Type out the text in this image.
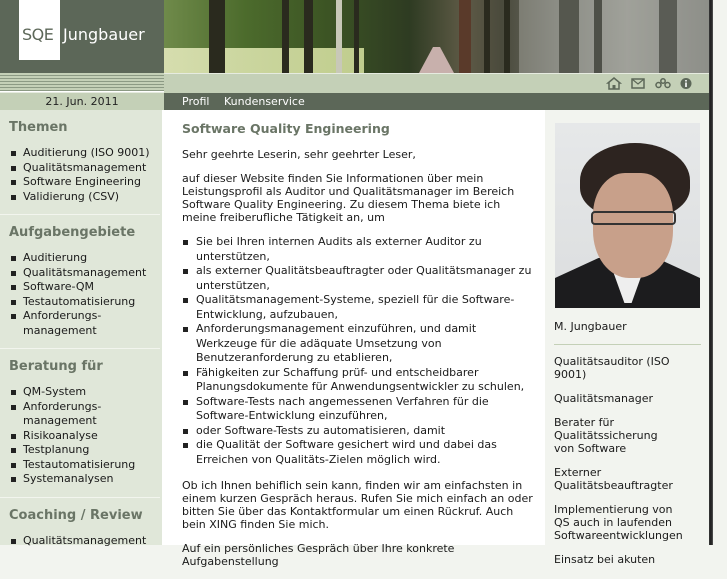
SQE Jungbauer
21. Jun. 2011	Profil Kundenservice
Themen
Auditierung (ISO 9001)
Qualitätsmanagement
Software Engineering
Validierung (CSV)
Aufgabengebiete
Auditierung
Qualitätsmanagement
Software-QM
Testautomatisierung
Anforderungs-management
Beratung für
QM-System
Anforderungs-management
Risikoanalyse
Testplanung
Testautomatisierung
Systemanalysen
Coaching / Review
Qualitätsmanagement
Software Quality Engineering

Sehr geehrte Leserin, sehr geehrter Leser,

auf dieser Website finden Sie Informationen über mein Leistungsprofil als Auditor und Qualitätsmanager im Bereich Software Quality Engineering. Zu diesem Thema biete ich meine freiberufliche Tätigkeit an, um

Sie bei Ihren internen Audits als externer Auditor zu unterstützen,
als externer Qualitätsbeauftragter oder Qualitätsmanager zu unterstützen,
Qualitätsmanagement-Systeme, speziell für die Software-Entwicklung, aufzubauen,
Anforderungsmanagement einzuführen, und damit Werkzeuge für die adäquate Umsetzung von Benutzeranforderung zu etablieren,
Fähigkeiten zur Schaffung prüf- und entscheidbarer Planungsdokumente für Anwendungsentwickler zu schulen,
Software-Tests nach angemessenen Verfahren für die Software-Entwicklung einzuführen,
oder Software-Tests zu automatisieren, damit
die Qualität der Software gesichert wird und dabei das Erreichen von Qualitäts-Zielen möglich wird.

Ob ich Ihnen behiflich sein kann, finden wir am einfachsten in einem kurzen Gespräch heraus. Rufen Sie mich einfach an oder bitten Sie über das Kontaktformular um einen Rückruf. Auch bein XING finden Sie mich.

Auf ein persönliches Gespräch über Ihre konkrete Aufgabenstellung

M. Jungbauer
Qualitätsauditor (ISO 9001)
Qualitätsmanager
Berater für Qualitätssicherung von Software
Externer Qualitätsbeauftragter
Implementierung von QS auch in laufenden Softwareentwicklungen
Einsatz bei akuten
